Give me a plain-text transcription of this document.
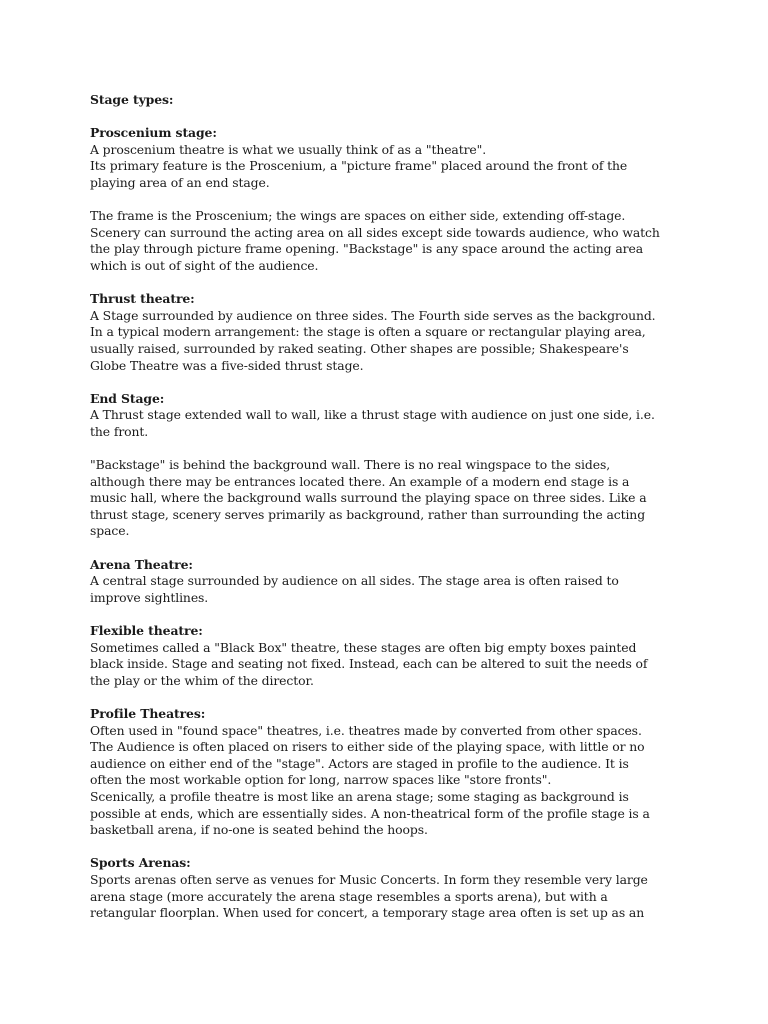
Stage types:
Proscenium stage:
A proscenium theatre is what we usually think of as a "theatre".
Its primary feature is the Proscenium, a "picture frame" placed around the front of the
playing area of an end stage.
The frame is the Proscenium; the wings are spaces on either side, extending off-stage.
Scenery can surround the acting area on all sides except side towards audience, who watch
the play through picture frame opening. "Backstage" is any space around the acting area
which is out of sight of the audience.
Thrust theatre:
A Stage surrounded by audience on three sides. The Fourth side serves as the background.
In a typical modern arrangement: the stage is often a square or rectangular playing area,
usually raised, surrounded by raked seating. Other shapes are possible; Shakespeare's
Globe Theatre was a five-sided thrust stage.
End Stage:
A Thrust stage extended wall to wall, like a thrust stage with audience on just one side, i.e.
the front.
"Backstage" is behind the background wall. There is no real wingspace to the sides,
although there may be entrances located there. An example of a modern end stage is a
music hall, where the background walls surround the playing space on three sides. Like a
thrust stage, scenery serves primarily as background, rather than surrounding the acting
space.
Arena Theatre:
A central stage surrounded by audience on all sides. The stage area is often raised to
improve sightlines.
Flexible theatre:
Sometimes called a "Black Box" theatre, these stages are often big empty boxes painted
black inside. Stage and seating not fixed. Instead, each can be altered to suit the needs of
the play or the whim of the director.
Profile Theatres:
Often used in "found space" theatres, i.e. theatres made by converted from other spaces.
The Audience is often placed on risers to either side of the playing space, with little or no
audience on either end of the "stage". Actors are staged in profile to the audience. It is
often the most workable option for long, narrow spaces like "store fronts".
Scenically, a profile theatre is most like an arena stage; some staging as background is
possible at ends, which are essentially sides. A non-theatrical form of the profile stage is a
basketball arena, if no-one is seated behind the hoops.
Sports Arenas:
Sports arenas often serve as venues for Music Concerts. In form they resemble very large
arena stage (more accurately the arena stage resembles a sports arena), but with a
retangular floorplan. When used for concert, a temporary stage area often is set up as an
